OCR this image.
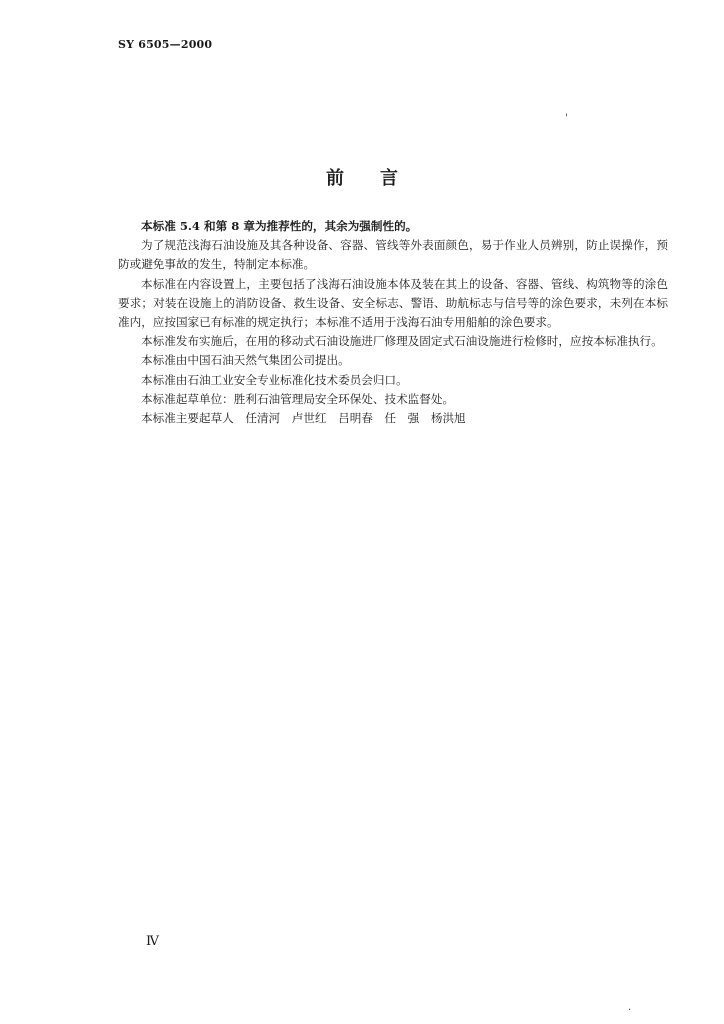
SY 6505—2000
'
.
前 言

本标准 5.4 和第 8 章为推荐性的，其余为强制性的。

为了规范浅海石油设施及其各种设备、容器、管线等外表面颜色，易于作业人员辨别，防止误操作，预防或避免事故的发生，特制定本标准。

本标准在内容设置上，主要包括了浅海石油设施本体及装在其上的设备、容器、管线、构筑物等的涂色要求；对装在设施上的消防设备、救生设备、安全标志、警语、助航标志与信号等的涂色要求，未列在本标准内，应按国家已有标准的规定执行；本标准不适用于浅海石油专用船舶的涂色要求。

本标准发布实施后，在用的移动式石油设施进厂修理及固定式石油设施进行检修时，应按本标准执行。

本标准由中国石油天然气集团公司提出。

本标准由石油工业安全专业标准化技术委员会归口。

本标准起草单位：胜利石油管理局安全环保处、技术监督处。

本标准主要起草人　任清河　卢世红　吕明春　任　强　杨洪旭

Ⅳ
